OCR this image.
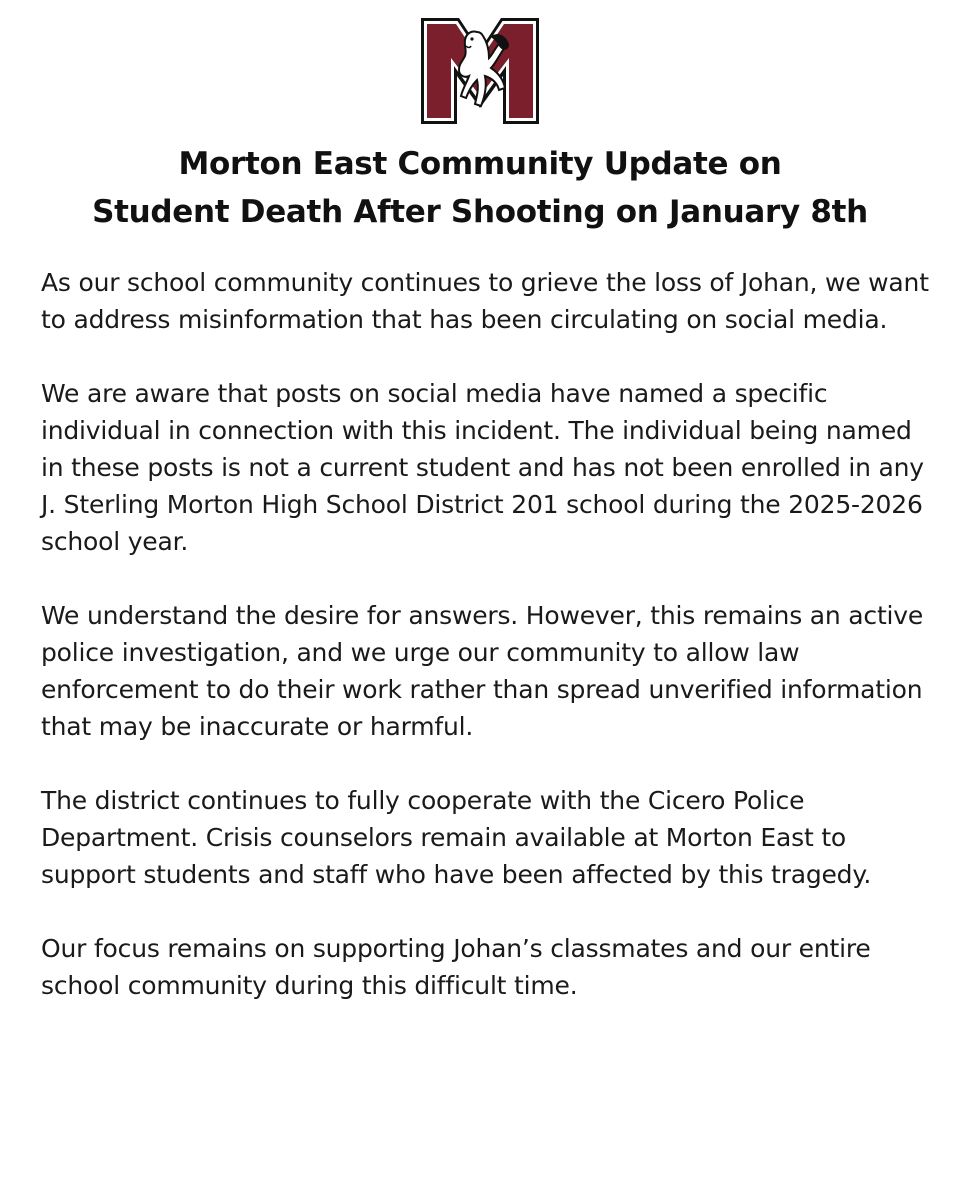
Morton East Community Update on
Student Death After Shooting on January 8th

As our school community continues to grieve the loss of Johan, we want to address misinformation that has been circulating on social media.

We are aware that posts on social media have named a specific individual in connection with this incident. The individual being named in these posts is not a current student and has not been enrolled in any J. Sterling Morton High School District 201 school during the 2025-2026 school year.

We understand the desire for answers. However, this remains an active police investigation, and we urge our community to allow law enforcement to do their work rather than spread unverified information that may be inaccurate or harmful.

The district continues to fully cooperate with the Cicero Police Department. Crisis counselors remain available at Morton East to support students and staff who have been affected by this tragedy.

Our focus remains on supporting Johan’s classmates and our entire school community during this difficult time.
